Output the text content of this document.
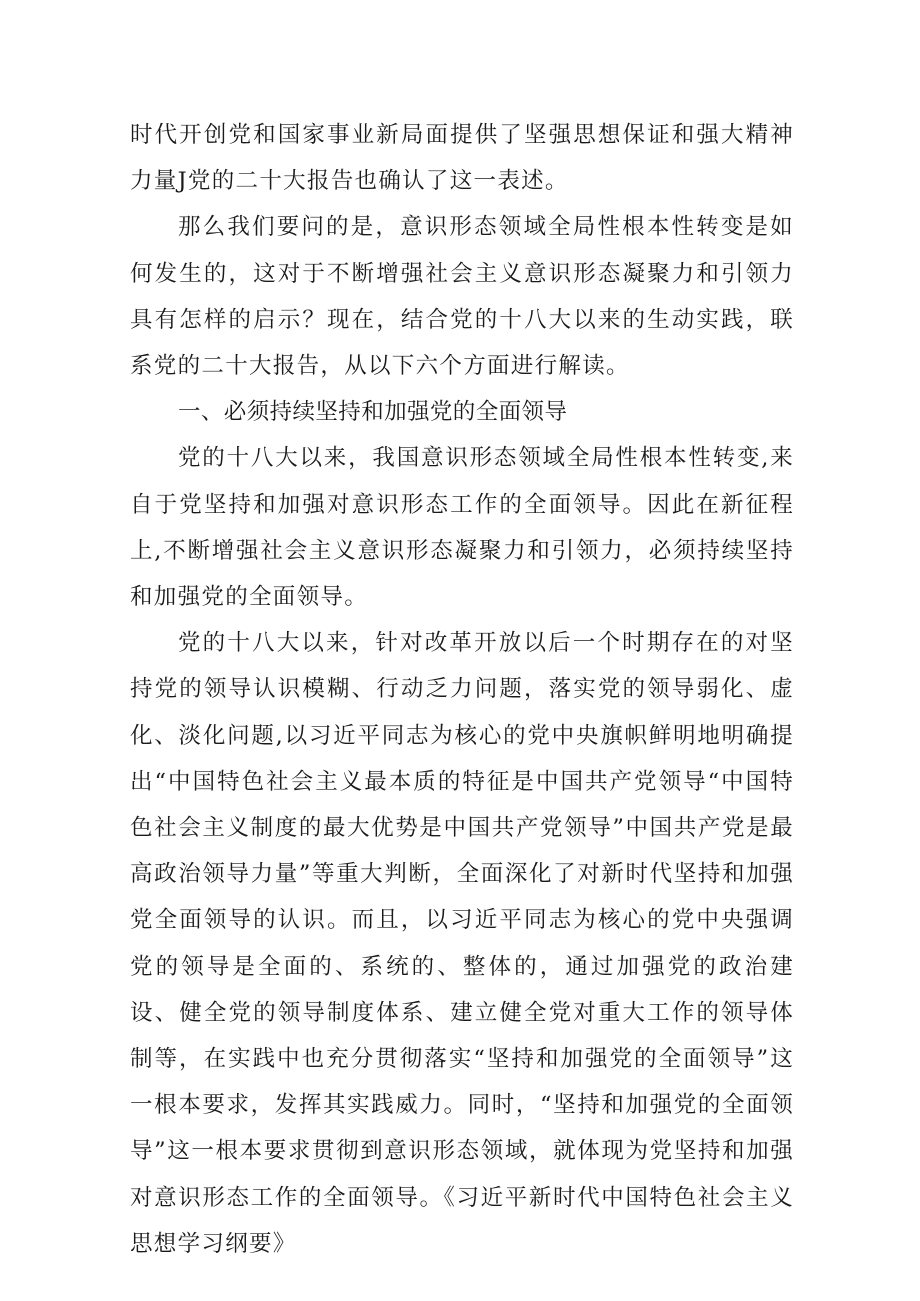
时代开创党和国家事业新局面提供了坚强思想保证和强大精神力量J党的二十大报告也确认了这一表述。

那么我们要问的是，意识形态领域全局性根本性转变是如何发生的，这对于不断增强社会主义意识形态凝聚力和引领力具有怎样的启示？现在，结合党的十八大以来的生动实践，联系党的二十大报告，从以下六个方面进行解读。

一、必须持续坚持和加强党的全面领导

党的十八大以来，我国意识形态领域全局性根本性转变,来自于党坚持和加强对意识形态工作的全面领导。因此在新征程上,不断增强社会主义意识形态凝聚力和引领力，必须持续坚持和加强党的全面领导。

党的十八大以来，针对改革开放以后一个时期存在的对坚持党的领导认识模糊、行动乏力问题，落实党的领导弱化、虚化、淡化问题,以习近平同志为核心的党中央旗帜鲜明地明确提出“中国特色社会主义最本质的特征是中国共产党领导“中国特色社会主义制度的最大优势是中国共产党领导”中国共产党是最高政治领导力量”等重大判断，全面深化了对新时代坚持和加强党全面领导的认识。而且，以习近平同志为核心的党中央强调党的领导是全面的、系统的、整体的，通过加强党的政治建设、健全党的领导制度体系、建立健全党对重大工作的领导体制等，在实践中也充分贯彻落实“坚持和加强党的全面领导”这一根本要求，发挥其实践威力。同时，“坚持和加强党的全面领导”这一根本要求贯彻到意识形态领域，就体现为党坚持和加强对意识形态工作的全面领导。《习近平新时代中国特色社会主义思想学习纲要》
